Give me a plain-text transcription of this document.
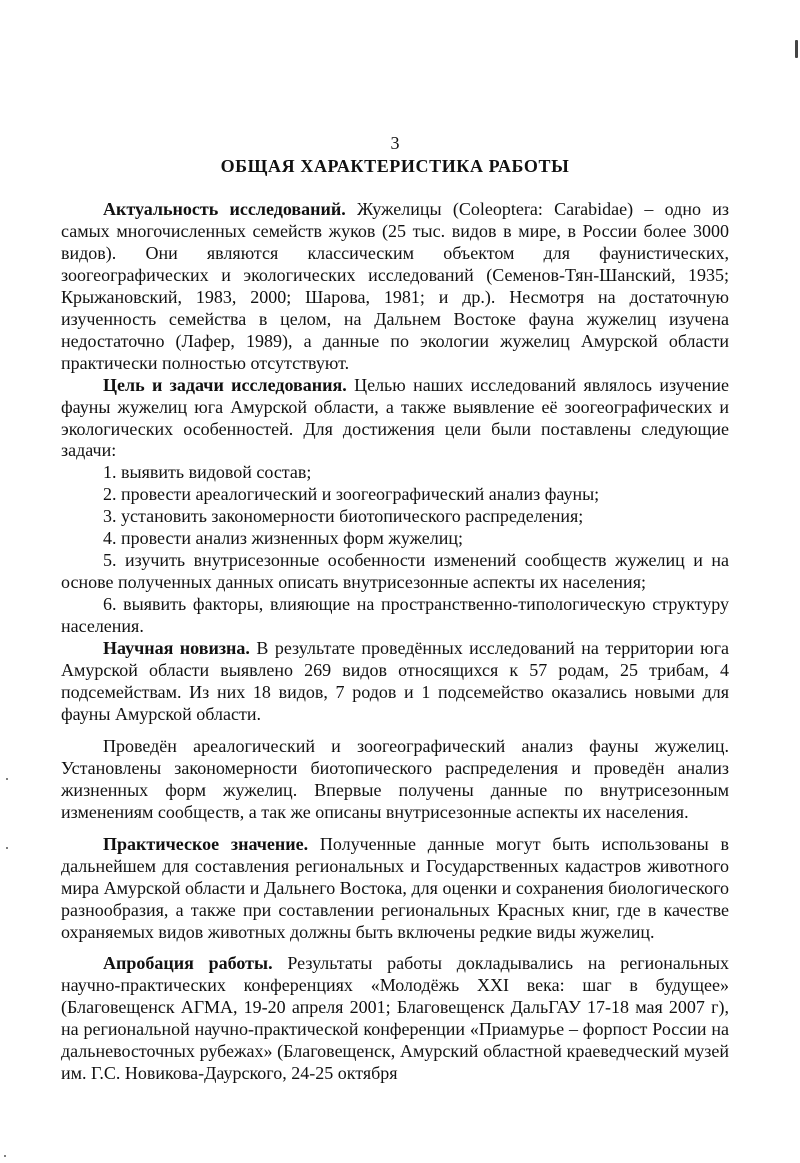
3
ОБЩАЯ ХАРАКТЕРИСТИКА РАБОТЫ

Актуальность исследований. Жужелицы (Coleoptera: Carabidae) – одно из самых многочисленных семейств жуков (25 тыс. видов в мире, в России более 3000 видов). Они являются классическим объектом для фаунистических, зоогеографических и экологических исследований (Семенов-Тян-Шанский, 1935; Крыжановский, 1983, 2000; Шарова, 1981; и др.). Несмотря на достаточную изученность семейства в целом, на Дальнем Востоке фауна жужелиц изучена недостаточно (Лафер, 1989), а данные по экологии жужелиц Амурской области практически полностью отсутствуют.

Цель и задачи исследования. Целью наших исследований являлось изучение фауны жужелиц юга Амурской области, а также выявление её зоогеографических и экологических особенностей. Для достижения цели были поставлены следующие задачи:

1. выявить видовой состав;

2. провести ареалогический и зоогеографический анализ фауны;

3. установить закономерности биотопического распределения;

4. провести анализ жизненных форм жужелиц;

5. изучить внутрисезонные особенности изменений сообществ жужелиц и на основе полученных данных описать внутрисезонные аспекты их населения;

6. выявить факторы, влияющие на пространственно-типологическую структуру населения.

Научная новизна. В результате проведённых исследований на территории юга Амурской области выявлено 269 видов относящихся к 57 родам, 25 трибам, 4 подсемействам. Из них 18 видов, 7 родов и 1 подсемейство оказались новыми для фауны Амурской области.

Проведён ареалогический и зоогеографический анализ фауны жужелиц. Установлены закономерности биотопического распределения и проведён анализ жизненных форм жужелиц. Впервые получены данные по внутрисезонным изменениям сообществ, а так же описаны внутрисезонные аспекты их населения.

Практическое значение. Полученные данные могут быть использованы в дальнейшем для составления региональных и Государственных кадастров животного мира Амурской области и Дальнего Востока, для оценки и сохранения биологического разнообразия, а также при составлении региональных Красных книг, где в качестве охраняемых видов животных должны быть включены редкие виды жужелиц.

Апробация работы. Результаты работы докладывались на региональных научно-практических конференциях «Молодёжь XXI века: шаг в будущее» (Благовещенск АГМА, 19-20 апреля 2001; Благовещенск ДальГАУ 17-18 мая 2007 г), на региональной научно-практической конференции «Приамурье – форпост России на дальневосточных рубежах» (Благовещенск, Амурский областной краеведческий музей им. Г.С. Новикова-Даурского, 24-25 октября
